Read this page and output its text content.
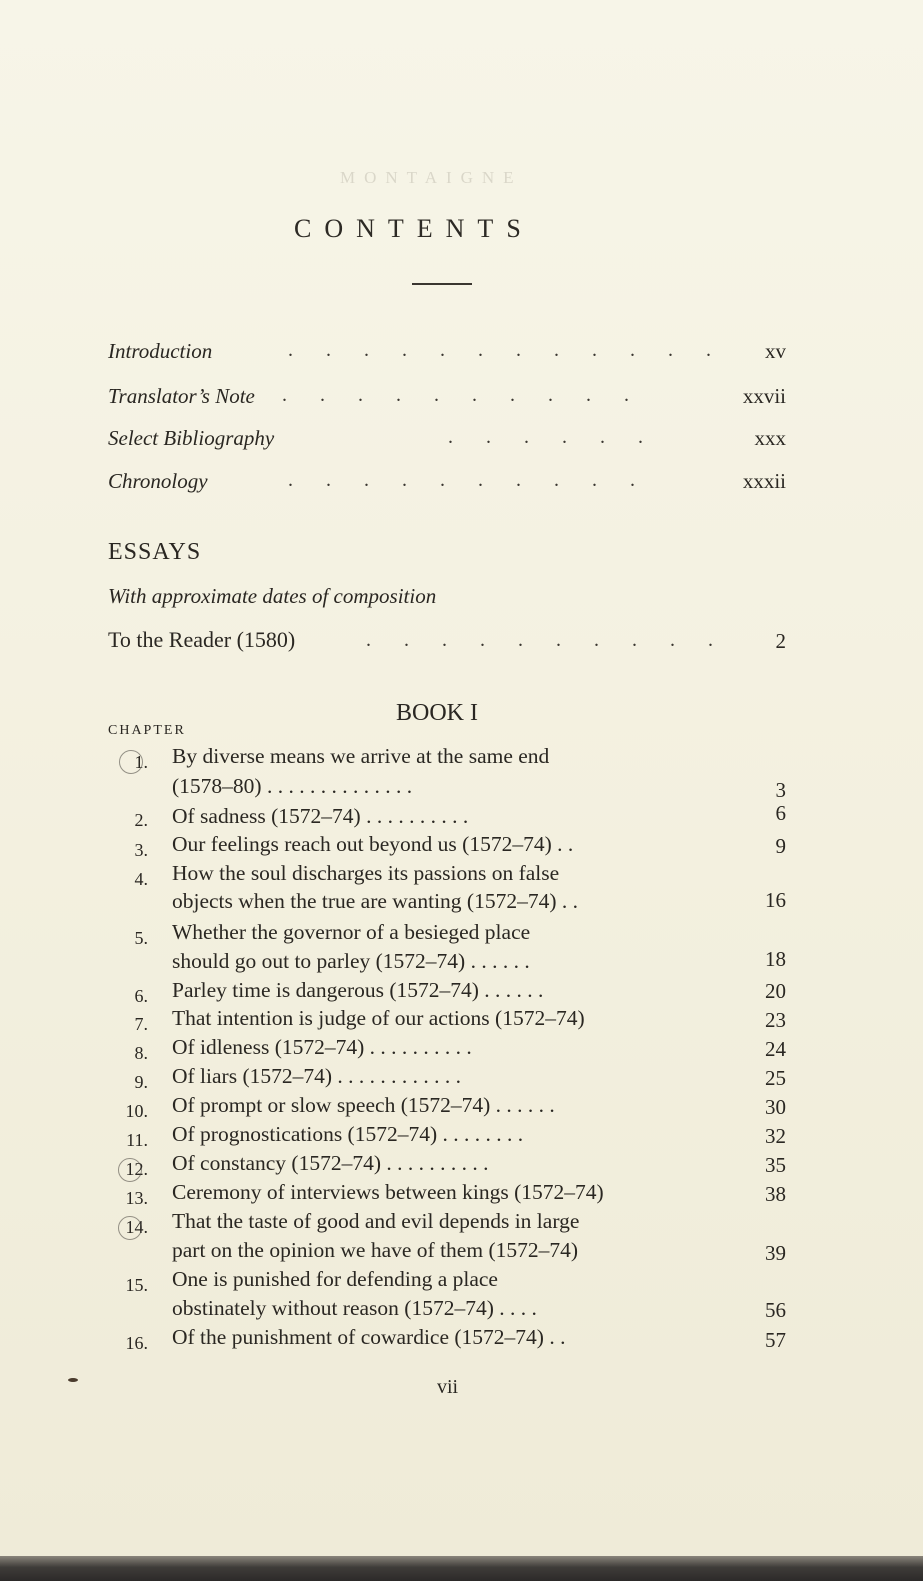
MONTAIGNE
CONTENTS
Introduction	. . . . . . . . . . . .	xv
Translator’s Note . . . . . . . . . .	xxvii
Select Bibliography	. . . . . .	xxx
Chronology	. . . . . . . . . .	xxxii
ESSAYS
With approximate dates of composition
To the Reader (1580)	. . . . . . . . . .	2
BOOK I
CHAPTER
1. By diverse means we arrive at the same end
(1578–80) . . . . . . . . . . . . . .	3
2. Of sadness (1572–74) . . . . . . . . . .	6
3. Our feelings reach out beyond us (1572–74) . .	9
4. How the soul discharges its passions on false
objects when the true are wanting (1572–74) . .	16
5. Whether the governor of a besieged place
should go out to parley (1572–74) . . . . . .	18
6. Parley time is dangerous (1572–74) . . . . . .	20
7. That intention is judge of our actions (1572–74)	23
8. Of idleness (1572–74) . . . . . . . . . .	24
9. Of liars (1572–74) . . . . . . . . . . . .	25
10. Of prompt or slow speech (1572–74) . . . . . .	30
11. Of prognostications (1572–74) . . . . . . . .	32
12. Of constancy (1572–74) . . . . . . . . . .	35
13. Ceremony of interviews between kings (1572–74)	38
14. That the taste of good and evil depends in large
part on the opinion we have of them (1572–74)	39
15. One is punished for defending a place
obstinately without reason (1572–74) . . . .	56
16. Of the punishment of cowardice (1572–74) . .	57
vii
